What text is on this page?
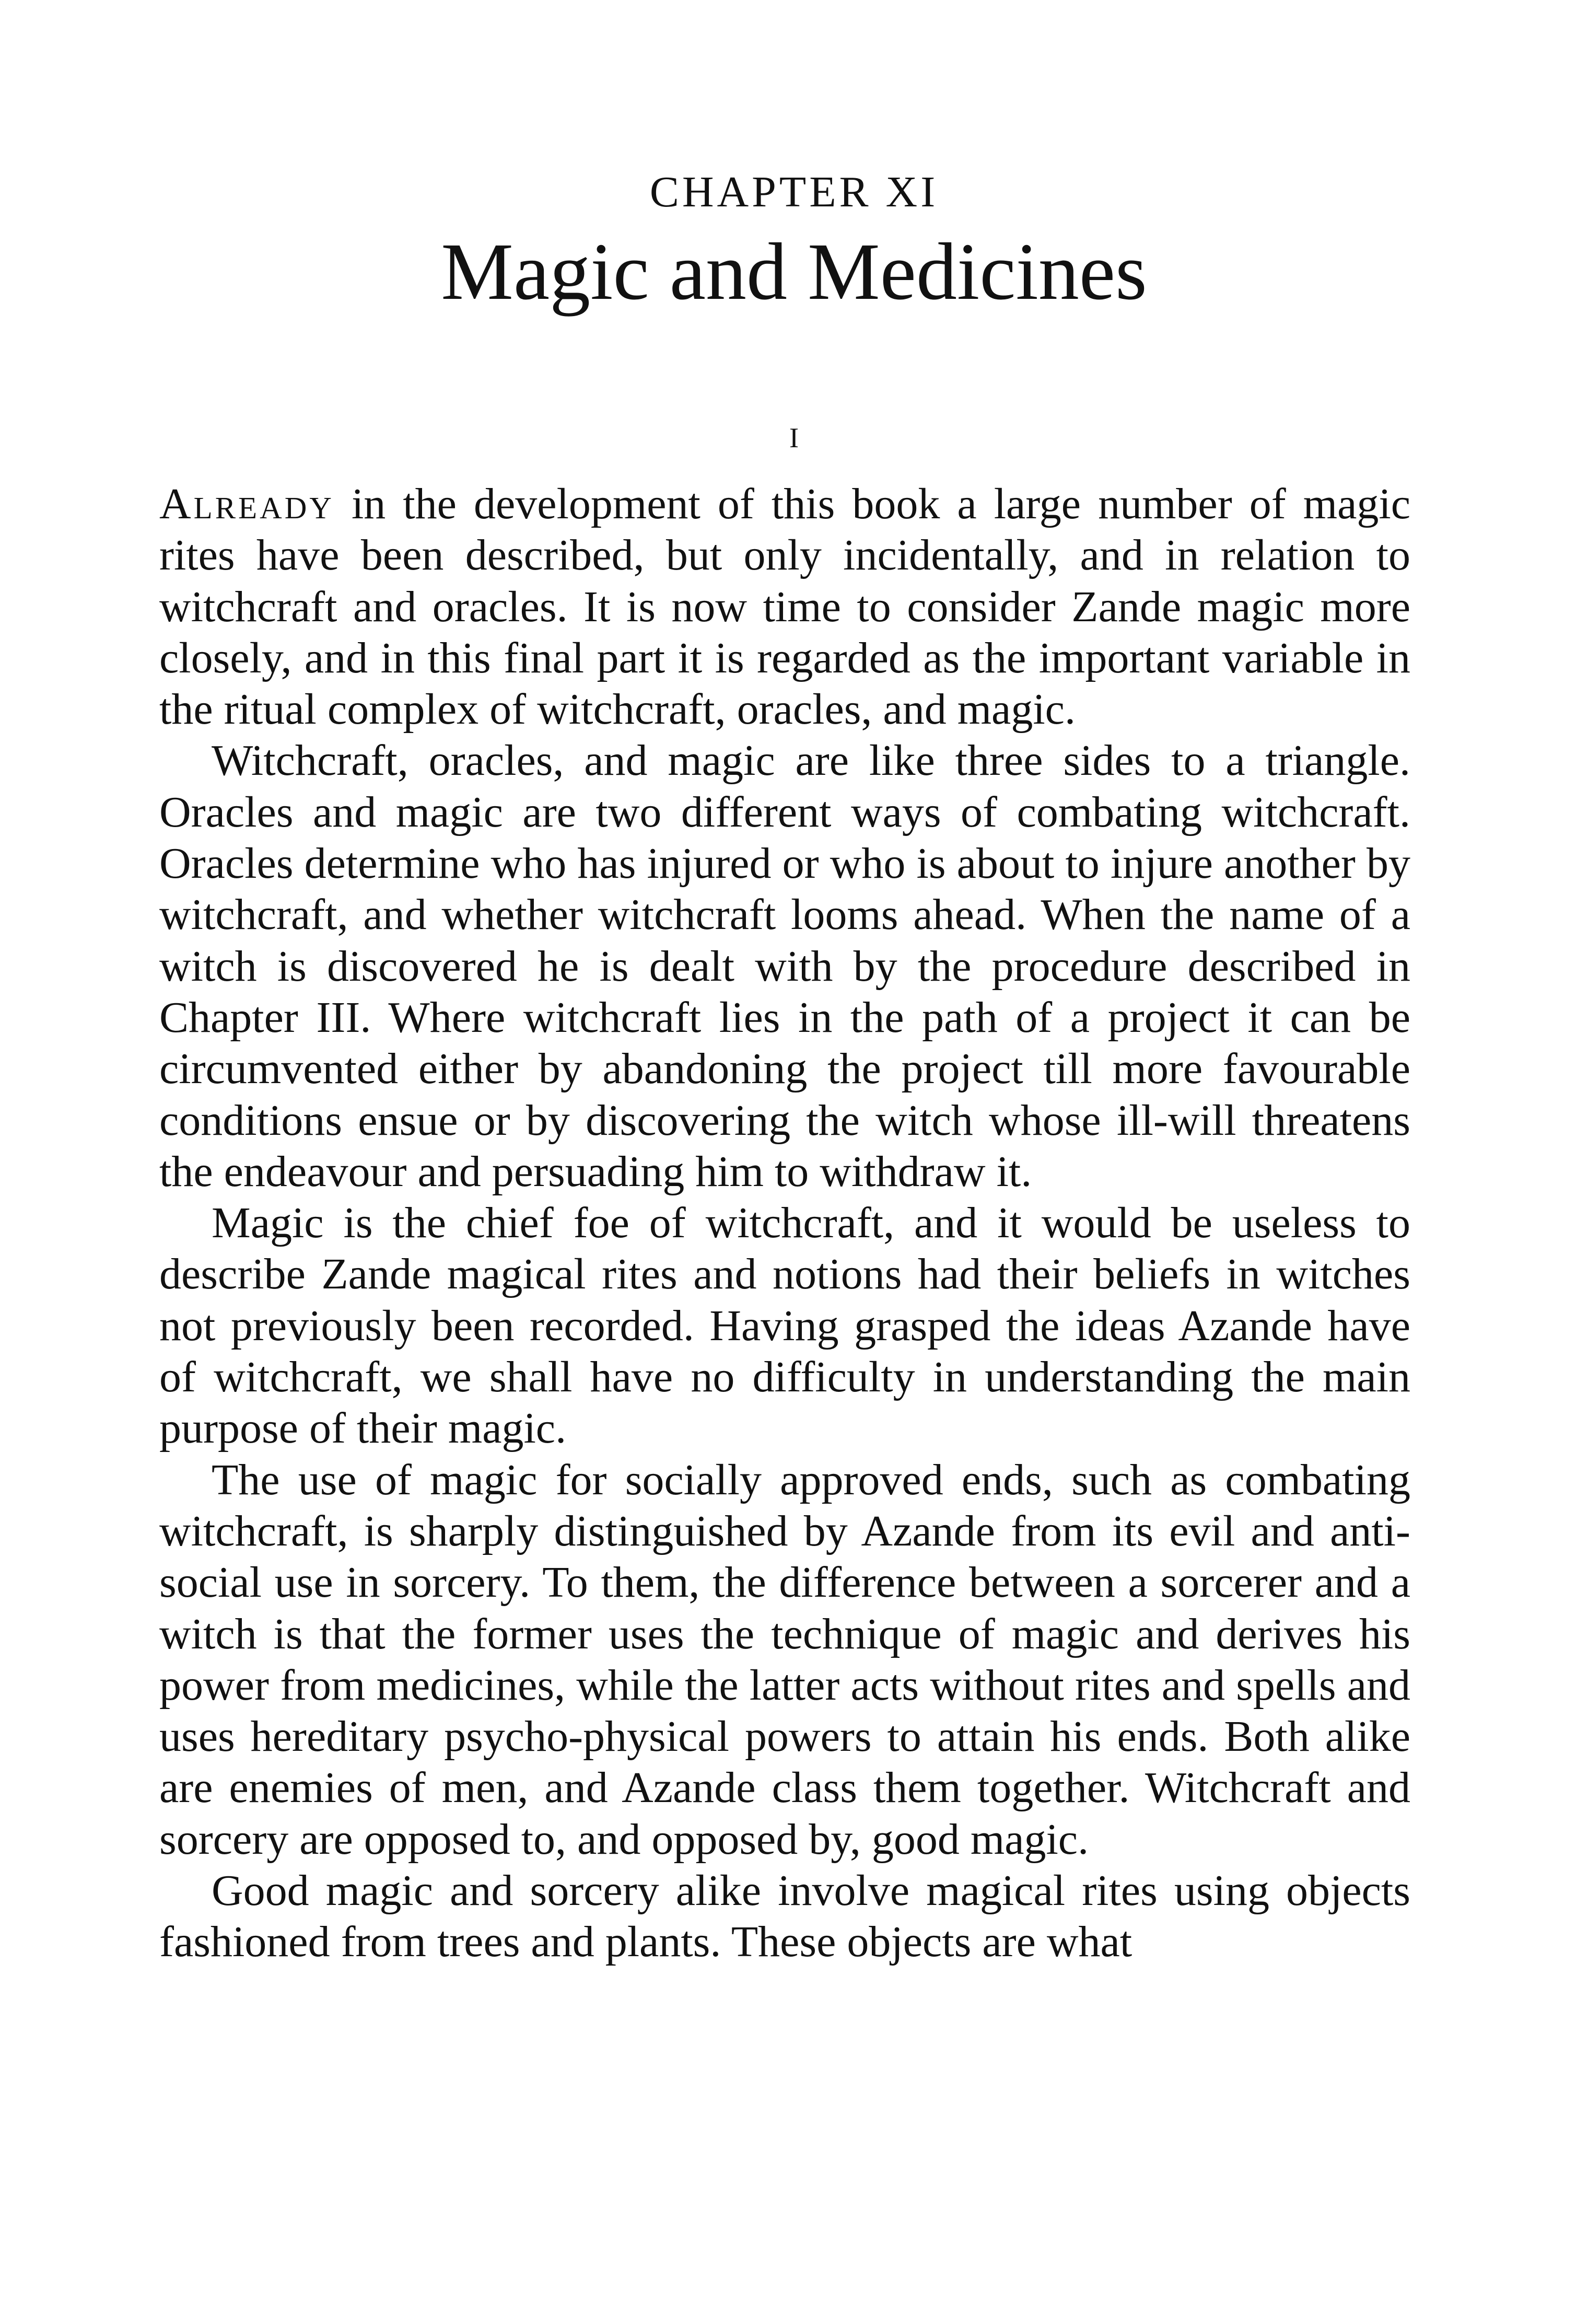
CHAPTER XI
Magic and Medicines
I

Already in the development of this book a large number of magic rites have been described, but only incidentally, and in relation to witchcraft and oracles. It is now time to consider Zande magic more closely, and in this final part it is regarded as the important variable in the ritual complex of witchcraft, oracles, and magic.

Witchcraft, oracles, and magic are like three sides to a triangle. Oracles and magic are two different ways of combating witchcraft. Oracles determine who has injured or who is about to injure another by witchcraft, and whether witchcraft looms ahead. When the name of a witch is discovered he is dealt with by the procedure described in Chapter III. Where witchcraft lies in the path of a project it can be circumvented either by abandoning the project till more favourable conditions ensue or by discovering the witch whose ill-will threatens the endeavour and persuading him to withdraw it.

Magic is the chief foe of witchcraft, and it would be useless to describe Zande magical rites and notions had their beliefs in witches not previously been recorded. Having grasped the ideas Azande have of witchcraft, we shall have no difficulty in understanding the main purpose of their magic.

The use of magic for socially approved ends, such as combating witchcraft, is sharply distinguished by Azande from its evil and anti-social use in sorcery. To them, the difference between a sorcerer and a witch is that the former uses the technique of magic and derives his power from medicines, while the latter acts without rites and spells and uses hereditary psycho-physical powers to attain his ends. Both alike are enemies of men, and Azande class them together. Witchcraft and sorcery are opposed to, and opposed by, good magic.

Good magic and sorcery alike involve magical rites using objects fashioned from trees and plants. These objects are what
